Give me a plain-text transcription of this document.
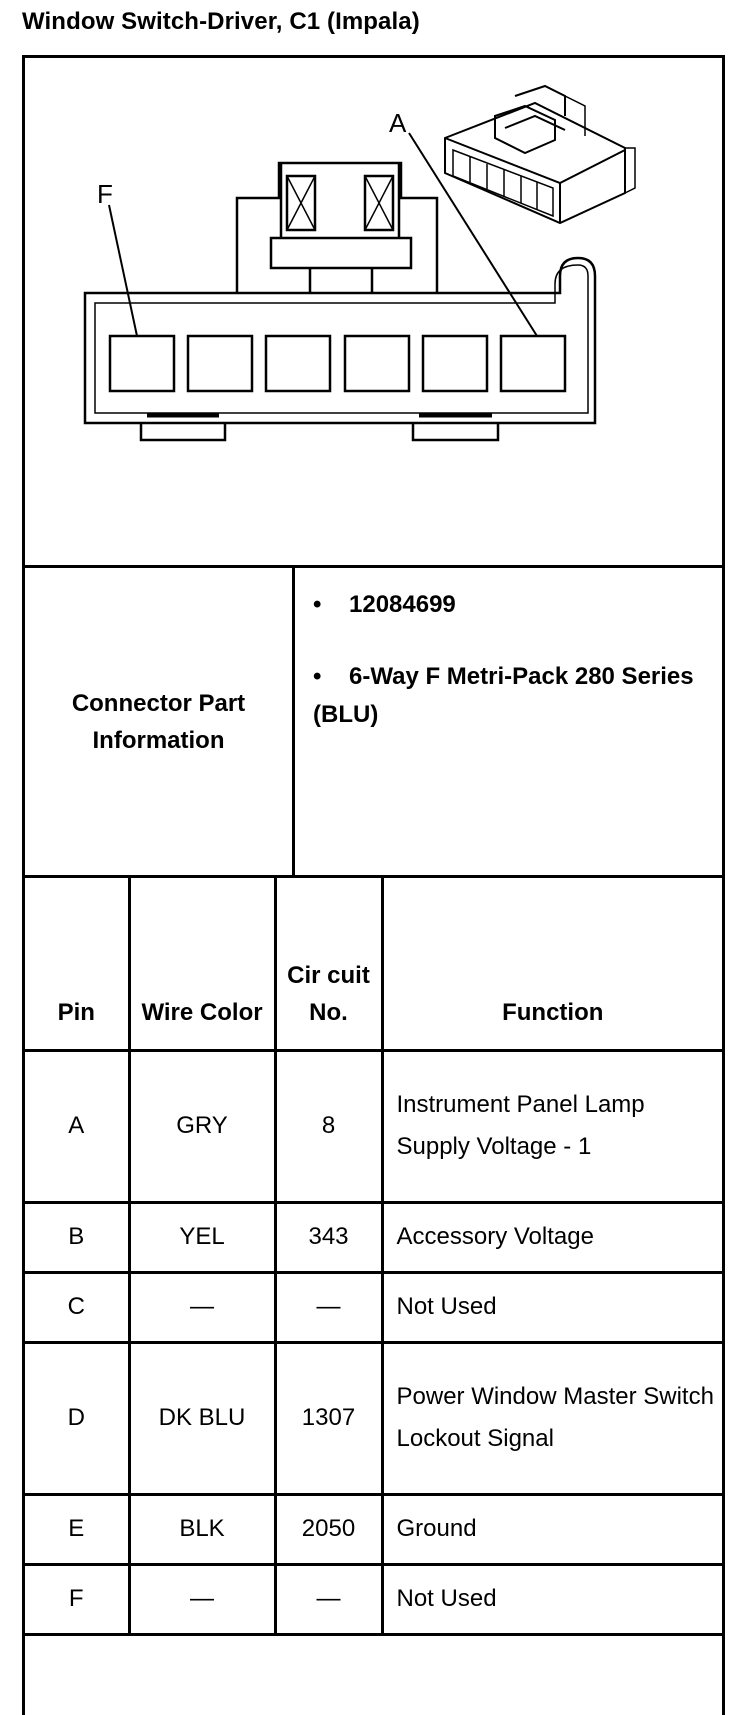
Window Switch-Driver, C1 (Impala)
A
F
Connector Part Information
• 12084699
• 6-Way F Metri-Pack 280 Series (BLU)
Pin	Wire Color	Cir cuit No.	Function
A	GRY	8	Instrument Panel Lamp Supply Voltage - 1
B	YEL	343	Accessory Voltage
C	—	—	Not Used
D	DK BLU	1307	Power Window Master Switch Lockout Signal
E	BLK	2050	Ground
F	—	—	Not Used
